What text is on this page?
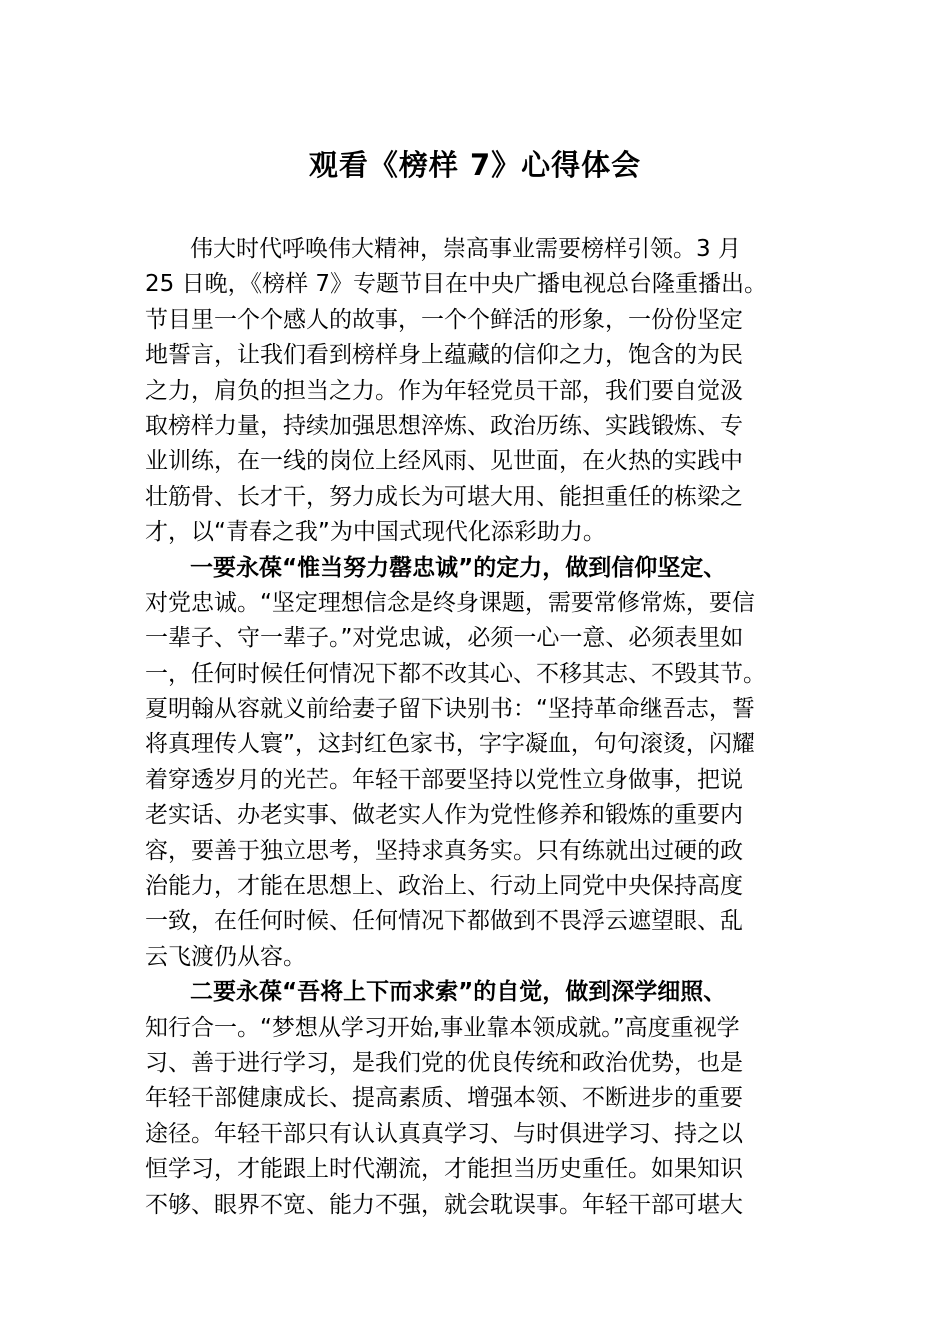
观看《榜样 7》心得体会
伟大时代呼唤伟大精神，崇高事业需要榜样引领。3 月
25 日晚，《榜样 7》专题节目在中央广播电视总台隆重播出。
节目里一个个感人的故事，一个个鲜活的形象，一份份坚定
地誓言，让我们看到榜样身上蕴藏的信仰之力，饱含的为民
之力，肩负的担当之力。作为年轻党员干部，我们要自觉汲
取榜样力量，持续加强思想淬炼、政治历练、实践锻炼、专
业训练，在一线的岗位上经风雨、见世面，在火热的实践中
壮筋骨、长才干，努力成长为可堪大用、能担重任的栋梁之
才，以“青春之我”为中国式现代化添彩助力。
一要永葆“惟当努力罄忠诚”的定力，做到信仰坚定、
对党忠诚。“坚定理想信念是终身课题，需要常修常炼，要信
一辈子、守一辈子。”对党忠诚，必须一心一意、必须表里如
一，任何时候任何情况下都不改其心、不移其志、不毁其节。
夏明翰从容就义前给妻子留下诀别书：“坚持革命继吾志，誓
将真理传人寰”，这封红色家书，字字凝血，句句滚烫，闪耀
着穿透岁月的光芒。年轻干部要坚持以党性立身做事，把说
老实话、办老实事、做老实人作为党性修养和锻炼的重要内
容，要善于独立思考，坚持求真务实。只有练就出过硬的政
治能力，才能在思想上、政治上、行动上同党中央保持高度
一致，在任何时候、任何情况下都做到不畏浮云遮望眼、乱
云飞渡仍从容。
二要永葆“吾将上下而求索”的自觉，做到深学细照、
知行合一。“梦想从学习开始,事业靠本领成就。”高度重视学
习、善于进行学习，是我们党的优良传统和政治优势，也是
年轻干部健康成长、提高素质、增强本领、不断进步的重要
途径。年轻干部只有认认真真学习、与时俱进学习、持之以
恒学习，才能跟上时代潮流，才能担当历史重任。如果知识
不够、眼界不宽、能力不强，就会耽误事。年轻干部可堪大
